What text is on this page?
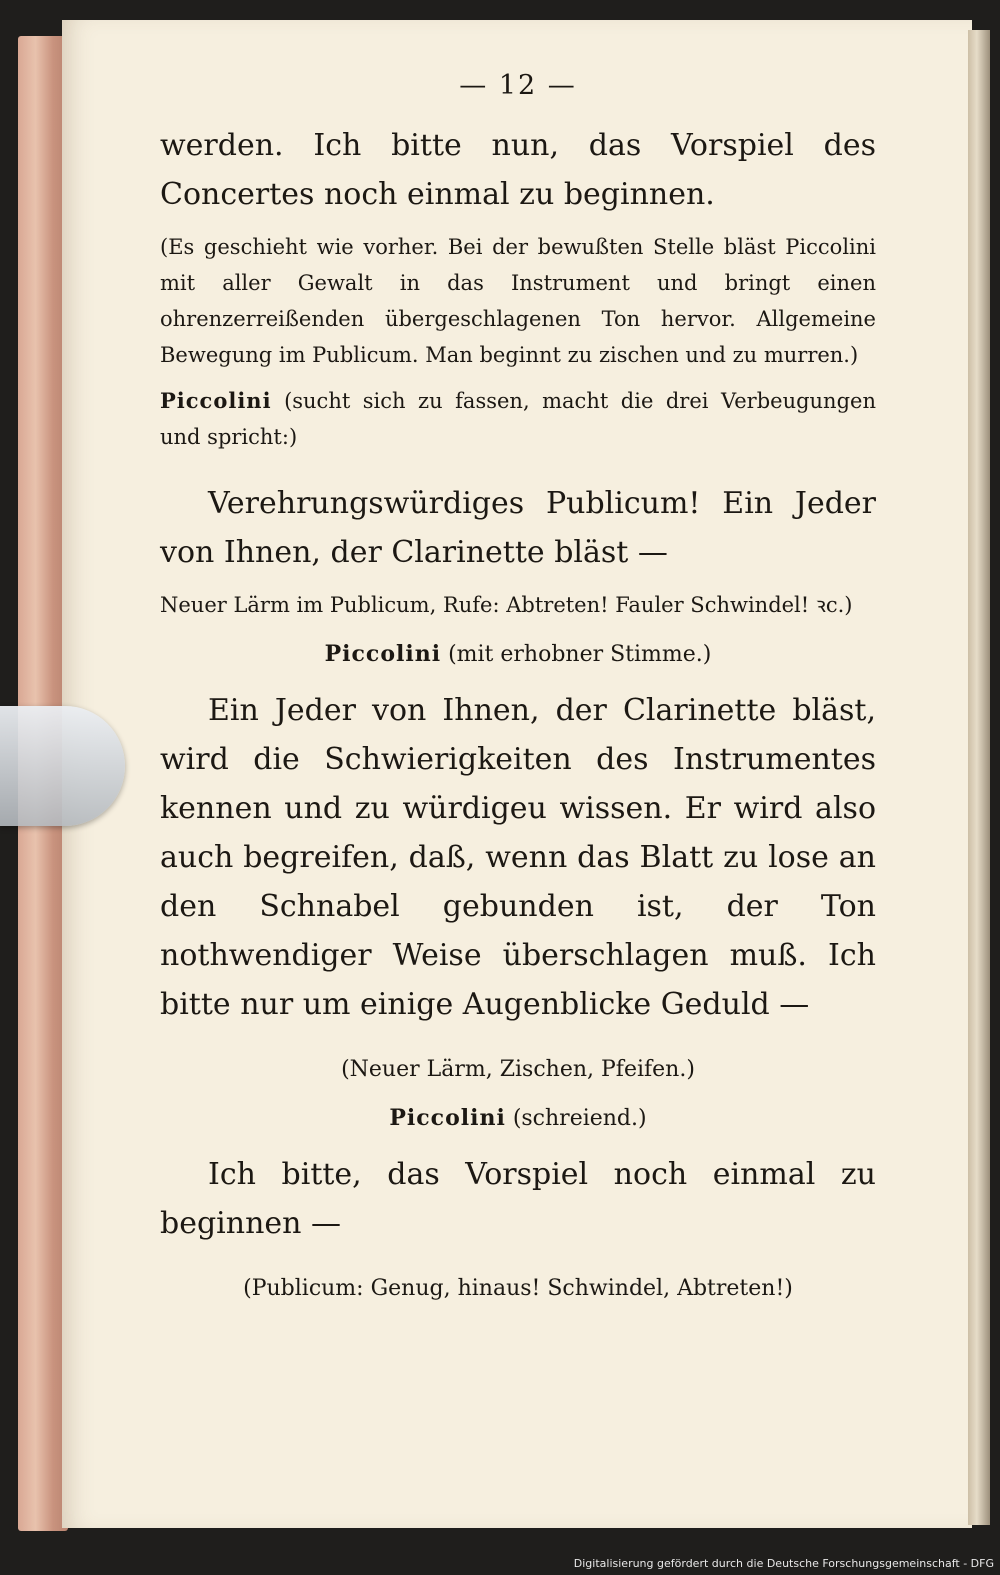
— 12 —

werden. Ich bitte nun, das Vorspiel des Concertes noch einmal zu beginnen.

(Es geschieht wie vorher. Bei der bewußten Stelle bläst Piccolini mit aller Gewalt in das Instrument und bringt einen ohrenzerreißenden übergeschlagenen Ton hervor. Allgemeine Bewegung im Publicum. Man beginnt zu zischen und zu murren.)

Piccolini (sucht sich zu fassen, macht die drei Verbeugungen und spricht:)

Verehrungswürdiges Publicum! Ein Jeder von Ihnen, der Clarinette bläst —

Neuer Lärm im Publicum, Rufe: Abtreten! Fauler Schwindel! ꝛc.)

Piccolini (mit erhobner Stimme.)

Ein Jeder von Ihnen, der Clarinette bläst, wird die Schwierigkeiten des Instrumentes kennen und zu würdigeu wissen. Er wird also auch begreifen, daß, wenn das Blatt zu lose an den Schnabel gebunden ist, der Ton nothwendiger Weise überschlagen muß. Ich bitte nur um einige Augenblicke Geduld —

(Neuer Lärm, Zischen, Pfeifen.)
Piccolini (schreiend.)

Ich bitte, das Vorspiel noch einmal zu beginnen —

(Publicum: Genug, hinaus! Schwindel, Abtreten!)
Digitalisierung gefördert durch die Deutsche Forschungsgemeinschaft - DFG
